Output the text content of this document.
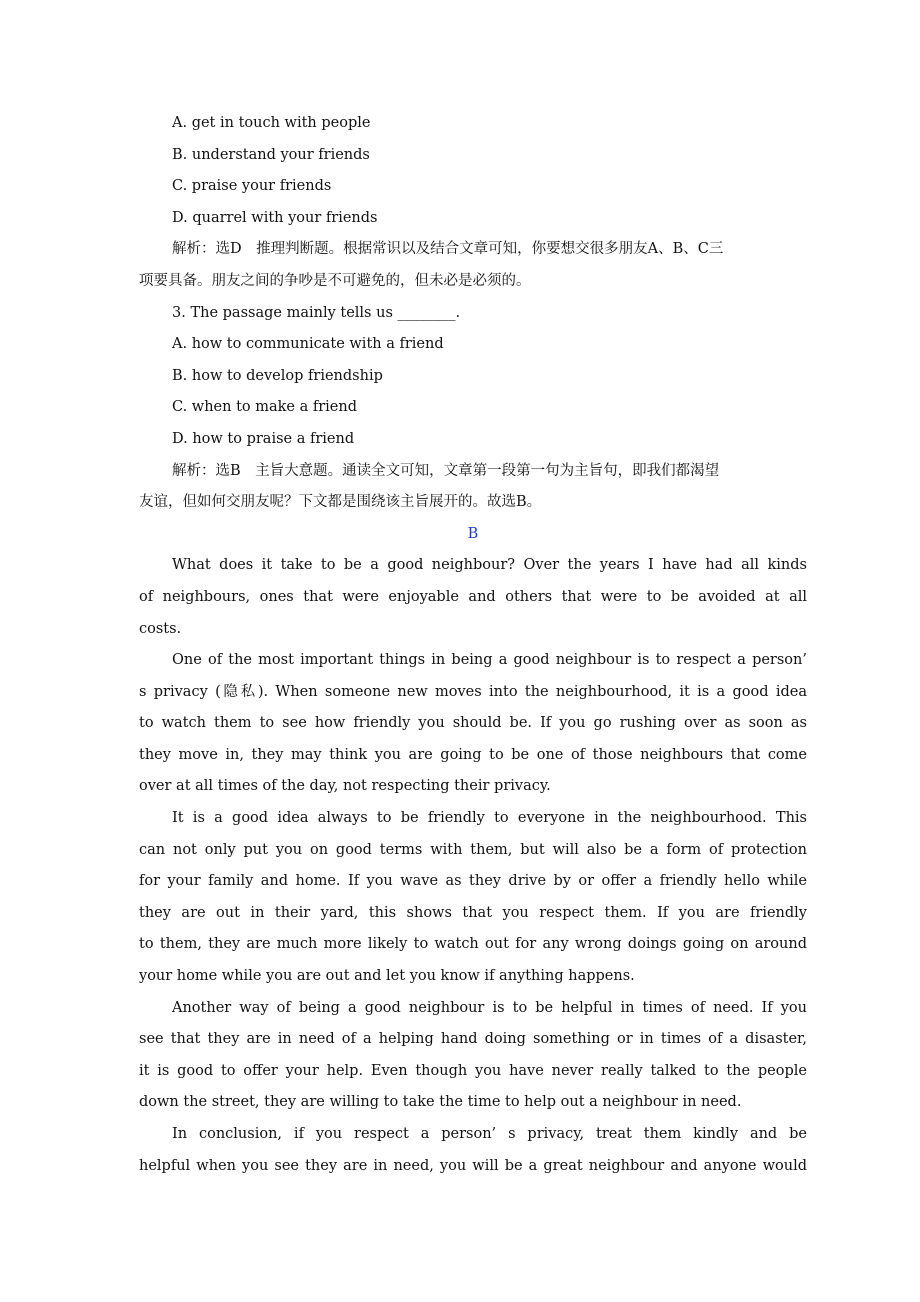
A. get in touch with people
B. understand your friends
C. praise your friends
D. quarrel with your friends
解析：选D　推理判断题。根据常识以及结合文章可知，你要想交很多朋友A、B、C三
项要具备。朋友之间的争吵是不可避免的，但未必是必须的。
3. The passage mainly tells us ________.
A. how to communicate with a friend
B. how to develop friendship
C. when to make a friend
D. how to praise a friend
解析：选B　主旨大意题。通读全文可知，文章第一段第一句为主旨句，即我们都渴望
友谊，但如何交朋友呢？下文都是围绕该主旨展开的。故选B。
B
What does it take to be a good neighbour? Over the years I have had all kinds
of neighbours, ones that were enjoyable and others that were to be avoided at all
costs.
One of the most important things in being a good neighbour is to respect a person’
s privacy (隐私). When someone new moves into the neighbourhood, it is a good idea
to watch them to see how friendly you should be. If you go rushing over as soon as
they move in, they may think you are going to be one of those neighbours that come
over at all times of the day, not respecting their privacy.
It is a good idea always to be friendly to everyone in the neighbourhood. This
can not only put you on good terms with them, but will also be a form of protection
for your family and home. If you wave as they drive by or offer a friendly hello while
they are out in their yard, this shows that you respect them. If you are friendly
to them, they are much more likely to watch out for any wrong doings going on around
your home while you are out and let you know if anything happens.
Another way of being a good neighbour is to be helpful in times of need. If you
see that they are in need of a helping hand doing something or in times of a disaster,
it is good to offer your help. Even though you have never really talked to the people
down the street, they are willing to take the time to help out a neighbour in need.
In conclusion, if you respect a person’ s privacy, treat them kindly and be
helpful when you see they are in need, you will be a great neighbour and anyone would
